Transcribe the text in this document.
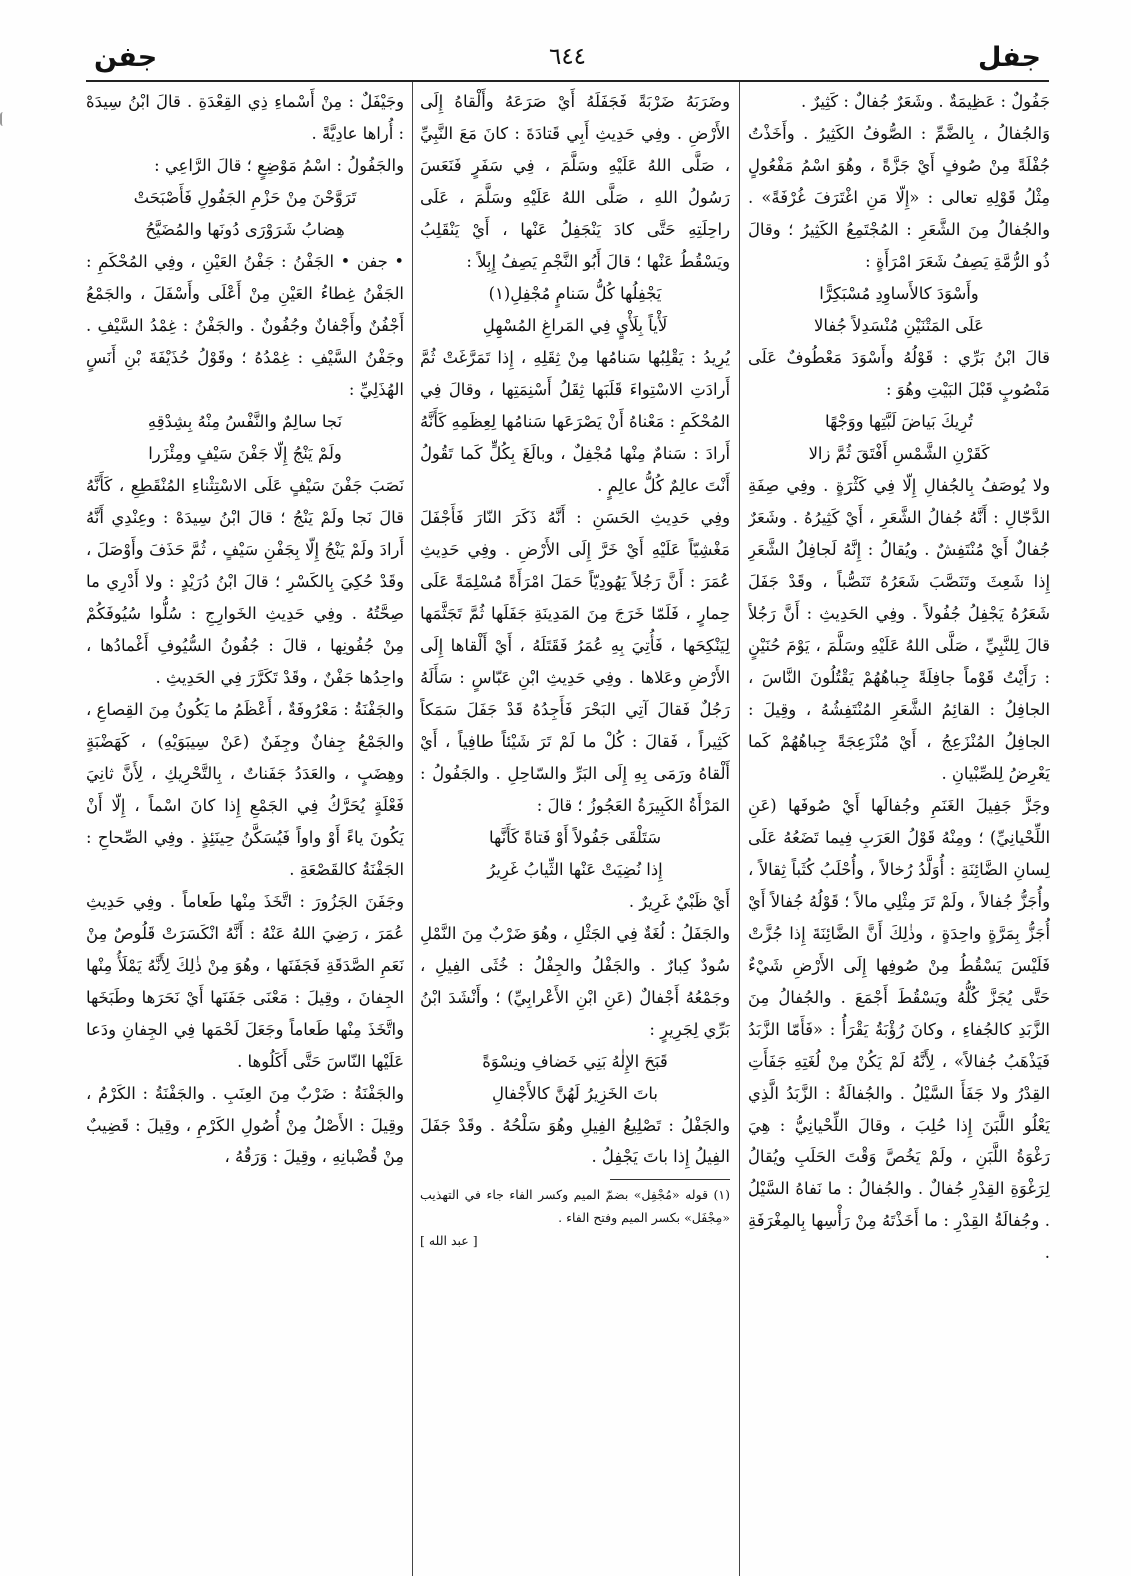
جفل
٦٤٤
جفن

جَفُولٌ : عَظِيمَةٌ . وشَعَرٌ جُفالٌ : كَثِيرٌ .

وَالجُفالُ ، بِالضَّمِّ : الصُّوفُ الكَثِيرُ . وأَخَذْتُ جُفْلَةً مِنْ صُوفٍ أَيْ جَزَّةً ، وهُوَ اسْمُ مَفْعُولٍ مِثْلُ قَوْلِهِ تعالى : «إِلّا مَنِ اغْتَرَفَ غُرْفَةً» . والجُفالُ مِنَ الشَّعَرِ : المُجْتَمِعُ الكَثِيرُ ؛ وقالَ ذُو الرُّمَّةِ يَصِفُ شَعَرَ امْرَأَةٍ :

وأَسْوَدَ كالأَساوِدِ مُسْبَكِرًّا

عَلَى المَتْنَيْنِ مُنْسَدِلاً جُفالا

قالَ ابْنُ بَرِّي : قَوْلُهُ وأَسْوَدَ مَعْطُوفٌ عَلَى مَنْصُوبٍ قَبْلَ البَيْتِ وهُوَ :

تُرِيكَ بَياضَ لَبَّتِها ووَجْهًا

كَقَرْنِ الشَّمْسِ أَفْتَقَ ثُمَّ زالا

ولا يُوصَفُ بِالجُفالِ إِلّا فِي كَثْرَةٍ . وفِي صِفَةِ الدَّجّالِ : أَنَّهُ جُفالُ الشَّعَرِ ، أَيْ كَثِيرُهُ . وشَعَرٌ جُفالٌ أَيْ مُنْتَفِشٌ . ويُقالُ : إِنَّهُ لَجافِلُ الشَّعَرِ إِذا شَعِثَ وتَنَصَّبَ شَعَرُهُ تَنَصُّباً ، وقَدْ جَفَلَ شَعَرُهُ يَجْفِلُ جُفُولاً . وفِي الحَدِيثِ : أَنَّ رَجُلاً قالَ لِلنَّبِيِّ ، صَلَّى اللهُ عَلَيْهِ وسَلَّمَ ، يَوْمَ حُنَيْنٍ : رَأَيْتُ قَوْماً جافِلَةً جِباهُهُمْ يَقْتُلُونَ النَّاسَ ، الجافِلُ : القائِمُ الشَّعَرِ المُنْتَفِشُهُ ، وقِيلَ : الجافِلُ المُنْزَعِجُ ، أَيْ مُنْزَعِجَةً جِباهُهُمْ كَما يَعْرِضُ لِلصِّبْيانِ .

وجَزَّ جَفِيلَ الغَنَمِ وجُفالَها أَيْ صُوفَها (عَنِ اللِّحْيانِيِّ) ؛ ومِنْهُ قَوْلُ العَرَبِ فِيما تَضَعُهُ عَلَى لِسانِ الضَّائِنَةِ : أُوَلَّدُ رُخالاً ، وأُحْلَبُ كُثَباً ثِقالاً ، وأُجَزُّ جُفالاً ، ولَمْ تَرَ مِثْلِي مالاً ؛ قَوْلُهُ جُفالاً أَيْ أُجَزُّ بِمَرَّةٍ واحِدَةٍ ، وذٰلِكَ أَنَّ الضَّائِنَةَ إِذا جُزَّتْ فَلَيْسَ يَسْقُطُ مِنْ صُوفِها إِلَى الأَرْضِ شَيْءٌ حَتَّى يُجَزَّ كُلُّهُ ويَسْقُطَ أَجْمَعَ . والجُفالُ مِنَ الزَّبَدِ كالجُفاءِ ، وكانَ رُؤْبَةُ يَقْرَأُ : «فَأَمّا الزَّبَدُ فَيَذْهَبُ جُفالاً» ، لِأَنَّهُ لَمْ يَكُنْ مِنْ لُغَتِهِ جَفَأَتِ القِدْرُ ولا جَفَأَ السَّيْلُ . والجُفالَةُ : الزَّبَدُ الَّذِي يَعْلُو اللَّبَنَ إِذا حُلِبَ ، وقالَ اللِّحْيانِيُّ : هِيَ رَغْوَةُ اللَّبَنِ ، ولَمْ يَخُصَّ وَقْتَ الحَلَبِ ويُقالُ لِرَغْوَةِ القِدْرِ جُفالٌ . والجُفالُ : ما نَفاهُ السَّيْلُ . وجُفالَةُ القِدْرِ : ما أَخَذْتَهُ مِنْ رَأْسِها بِالمِغْرَفَةِ .

وضَرَبَهُ ضَرْبَةً فَجَفَلَهُ أَيْ صَرَعَهُ وأَلْقاهُ إِلَى الأَرْضِ . وفِي حَدِيثِ أَبِي قَتادَةَ : كانَ مَعَ النَّبِيِّ ، صَلَّى اللهُ عَلَيْهِ وسَلَّمَ ، فِي سَفَرٍ فَنَعَسَ رَسُولُ اللهِ ، صَلَّى اللهُ عَلَيْهِ وسَلَّمَ ، عَلَى راحِلَتِهِ حَتَّى كادَ يَنْجَفِلُ عَنْها ، أَيْ يَنْقَلِبُ ويَسْقُطُ عَنْها ؛ قالَ أَبُو النَّجْمِ يَصِفُ إِبِلاً :

يَجْفِلُها كُلُّ سَنامٍ مُجْفِلِ(١)

لَأْياً بِلَأْيٍ فِي المَراغِ المُسْهِلِ

يُرِيدُ : يَقْلِبُها سَنامُها مِنْ ثِقَلِهِ ، إِذا تَمَرَّغَتْ ثُمَّ أَرادَتِ الاسْتِواءَ قَلَبَها ثِقَلُ أَسْنِمَتِها ، وقالَ فِي المُحْكَمِ : مَعْناهُ أَنْ يَصْرَعَها سَنامُها لِعِظَمِهِ كَأَنَّهُ أَرادَ : سَنامٌ مِنْها مُجْفِلٌ ، وبالَغَ بِكُلٍّ كَما تَقُولُ أَنْتَ عالِمٌ كُلُّ عالِمٍ .

وفِي حَدِيثِ الحَسَنِ : أَنَّهُ ذَكَرَ النّارَ فَأَجْفَلَ مَغْشِيّاً عَلَيْهِ أَيْ خَرَّ إِلَى الأَرْضِ . وفِي حَدِيثِ عُمَرَ : أَنَّ رَجُلاً يَهُودِيّاً حَمَلَ امْرَأَةً مُسْلِمَةً عَلَى حِمارٍ ، فَلَمّا خَرَجَ مِنَ المَدِينَةِ جَفَلَها ثُمَّ تَجَثَّمَها لِيَنْكِحَها ، فَأُتِيَ بِهِ عُمَرُ فَقَتَلَهُ ، أَيْ أَلْقاها إِلَى الأَرْضِ وعَلاها . وفِي حَدِيثِ ابْنِ عَبّاسٍ : سَأَلَهُ رَجُلٌ فَقالَ آتِي البَحْرَ فَأَجِدُهُ قَدْ جَفَلَ سَمَكاً كَثِيراً ، فَقالَ : كُلْ ما لَمْ تَرَ شَيْئاً طافِياً ، أَيْ أَلْقاهُ ورَمَى بِهِ إِلَى البَرِّ والسّاحِلِ . والجَفُولُ : المَرْأَةُ الكَبِيرَةُ العَجُوزُ ؛ قالَ :

سَتَلْقَى جَفُولاً أَوْ فَتاةً كَأَنَّها

إِذا نُضِيَتْ عَنْها الثِّيابُ غَرِيرُ

أَيْ ظَبْيٌ غَرِيرٌ .

والجَفَلُ : لُغَةٌ فِي الجَثْلِ ، وهُوَ ضَرْبٌ مِنَ النَّمْلِ سُودٌ كِبارٌ . والجَفْلُ والجِفْلُ : خُثَى الفِيلِ ، وجَمْعُهُ أَجْفالٌ (عَنِ ابْنِ الأَعْرابِيِّ) ؛ وأَنْشَدَ ابْنُ بَرِّي لِجَرِيرٍ :

قَبَحَ الإِلٰهُ بَنِي خَضافِ ونِسْوَةً

باتَ الخَزِيرُ لَهُنَّ كالأَجْفالِ

والجَفْلُ : تَصْلِيعُ الفِيلِ وهُوَ سَلْحُهُ . وقَدْ جَفَلَ الفِيلُ إِذا باتَ يَجْفِلُ .

(١) قوله «مُجْفِل» بضمّ الميم وكسر الفاء جاء في التهذيب «مِجْفَل» بكسر الميم وفتح الفاء .

[ عبد الله ]

وجَيْفَلٌ : مِنْ أَسْماءِ ذِي القِعْدَةِ . قالَ ابْنُ سِيدَهْ : أُراها عادِيَّةً .

والجَفُولُ : اسْمُ مَوْضِعٍ ؛ قالَ الرَّاعِي :

تَرَوَّحْنَ مِنْ حَزْمِ الجَفُولِ فَأَصْبَحَتْ

هِضابُ شَرَوْرَى دُونَها والمُضَيَّحُ

• جفن • الجَفْنُ : جَفْنُ العَيْنِ ، وفِي المُحْكَمِ : الجَفْنُ غِطاءُ العَيْنِ مِنْ أَعْلَى وأَسْفَلَ ، والجَمْعُ أَجْفُنٌ وأَجْفانٌ وجُفُونٌ . والجَفْنُ : غِمْدُ السَّيْفِ . وجَفْنُ السَّيْفِ : غِمْدُهُ ؛ وقَوْلُ حُذَيْفَةَ بْنِ أَنَسٍ الهُذَلِيِّ :

نَجا سالِمٌ والنَّفْسُ مِنْهُ بِشِدْقِهِ

ولَمْ يَنْجُ إِلّا جَفْنَ سَيْفٍ ومِئْزَرا

نَصَبَ جَفْنَ سَيْفٍ عَلَى الاسْتِثْناءِ المُنْقَطِعِ ، كَأَنَّهُ قالَ نَجا ولَمْ يَنْجُ ؛ قالَ ابْنُ سِيدَهْ : وعِنْدِي أَنَّهُ أَرادَ ولَمْ يَنْجُ إِلّا بِجَفْنِ سَيْفٍ ، ثُمَّ حَذَفَ وأَوْصَلَ ، وقَدْ حُكِيَ بِالكَسْرِ ؛ قالَ ابْنُ دُرَيْدٍ : ولا أَدْرِي ما صِحَّتُهُ . وفِي حَدِيثِ الخَوارِجِ : سُلُّوا سُيُوفَكُمْ مِنْ جُفُونِها ، قالَ : جُفُونُ السُّيُوفِ أَغْمادُها ، واحِدُها جَفْنٌ ، وقَدْ تَكَرَّرَ فِي الحَدِيثِ .

والجَفْنَةُ : مَعْرُوفَةٌ ، أَعْظَمُ ما يَكُونُ مِنَ القِصاعِ ، والجَمْعُ جِفانٌ وجِفَنٌ (عَنْ سِيبَوَيْهِ) ، كَهَضْبَةٍ وهِضَبٍ ، والعَدَدُ جَفَناتٌ ، بِالتَّحْرِيكِ ، لِأَنَّ ثانِيَ فَعْلَةٍ يُحَرَّكُ فِي الجَمْعِ إِذا كانَ اسْماً ، إِلّا أَنْ يَكُونَ ياءً أَوْ واواً فَيُسَكَّنُ حِينَئِذٍ . وفِي الصِّحاحِ : الجَفْنَةُ كالقَصْعَةِ .

وجَفَنَ الجَزُورَ : اتَّخَذَ مِنْها طَعاماً . وفِي حَدِيثِ عُمَرَ ، رَضِيَ اللهُ عَنْهُ : أَنَّهُ انْكَسَرَتْ قَلُوصٌ مِنْ نَعَمِ الصَّدَقَةِ فَجَفَنَها ، وهُوَ مِنْ ذٰلِكَ لِأَنَّهُ يَمْلَأُ مِنْها الجِفانَ ، وقِيلَ : مَعْنَى جَفَنَها أَيْ نَحَرَها وطَبَخَها واتَّخَذَ مِنْها طَعاماً وجَعَلَ لَحْمَها فِي الجِفانِ ودَعا عَلَيْها النّاسَ حَتَّى أَكَلُوها .

والجَفْنَةُ : ضَرْبٌ مِنَ العِنَبِ . والجَفْنَةُ : الكَرْمُ ، وقِيلَ : الأَصْلُ مِنْ أُصُولِ الكَرْمِ ، وقِيلَ : قَضِيبٌ مِنْ قُضْبانِهِ ، وقِيلَ : وَرَقُهُ ،
